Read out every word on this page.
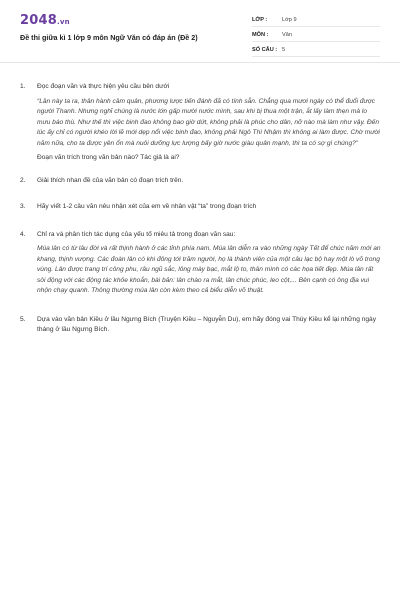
2048.vn
Đề thi giữa kì 1 lớp 9 môn Ngữ Văn có đáp án (Đề 2)
LỚP :	Lớp 9
MÔN :	Văn
SỐ CÂU : 5
1.	Đọc đoạn văn và thực hiện yêu cầu bên dưới
“Lần này ta ra, thân hành cầm quân, phương lược tiến đánh đã có tính sẵn. Chẳng qua mươi ngày có thể đuổi được người Thanh. Nhưng nghĩ chúng là nước lớn gấp mười nước mình, sau khi bị thua một trận, ắt lấy làm thẹn mà lo mưu báo thù. Như thế thì việc binh đao không bao giờ dứt, không phải là phúc cho dân, nỡ nào mà làm như vậy. Đến lúc ấy chỉ có người khéo lời lẽ mới dẹp nổi việc binh đao, không phải Ngô Thì Nhậm thì không ai làm được. Chờ mười năm nữa, cho ta được yên ổn mà nuôi dưỡng lực lượng bấy giờ nước giàu quân mạnh, thì ta có sợ gì chúng?”
Đoạn văn trích trong văn bản nào? Tác giả là ai?
2.	Giải thích nhan đề của văn bản có đoạn trích trên.
3.	Hãy viết 1-2 câu văn nêu nhận xét của em về nhân vật “ta” trong đoạn trích
4.	Chỉ ra và phân tích tác dụng của yếu tố miêu tả trong đoạn văn sau:
Múa lân có từ lâu đời và rất thịnh hành ở các tỉnh phía nam. Múa lân diễn ra vào những ngày Tết để chúc năm mới an khang, thịnh vượng. Các đoàn lân có khi đông tới trăm người, họ là thành viên của một câu lạc bộ hay một lò võ trong vùng. Lân được trang trí công phu, râu ngũ sắc, lông mày bạc, mắt lộ to, thân mình có các họa tiết đẹp. Múa lân rất sôi động với các động tác khỏe khoắn, bài bản: lân chào ra mắt, lân chúc phúc, leo cột,... Bên cạnh có ông địa vui nhộn chạy quanh. Thông thường múa lân còn kèm theo cả biểu diễn võ thuật.
5.	Dựa vào văn bản Kiều ở lầu Ngưng Bích (Truyện Kiều – Nguyễn Du), em hãy đóng vai Thúy Kiều kể lại những ngày tháng ở lầu Ngưng Bích.
